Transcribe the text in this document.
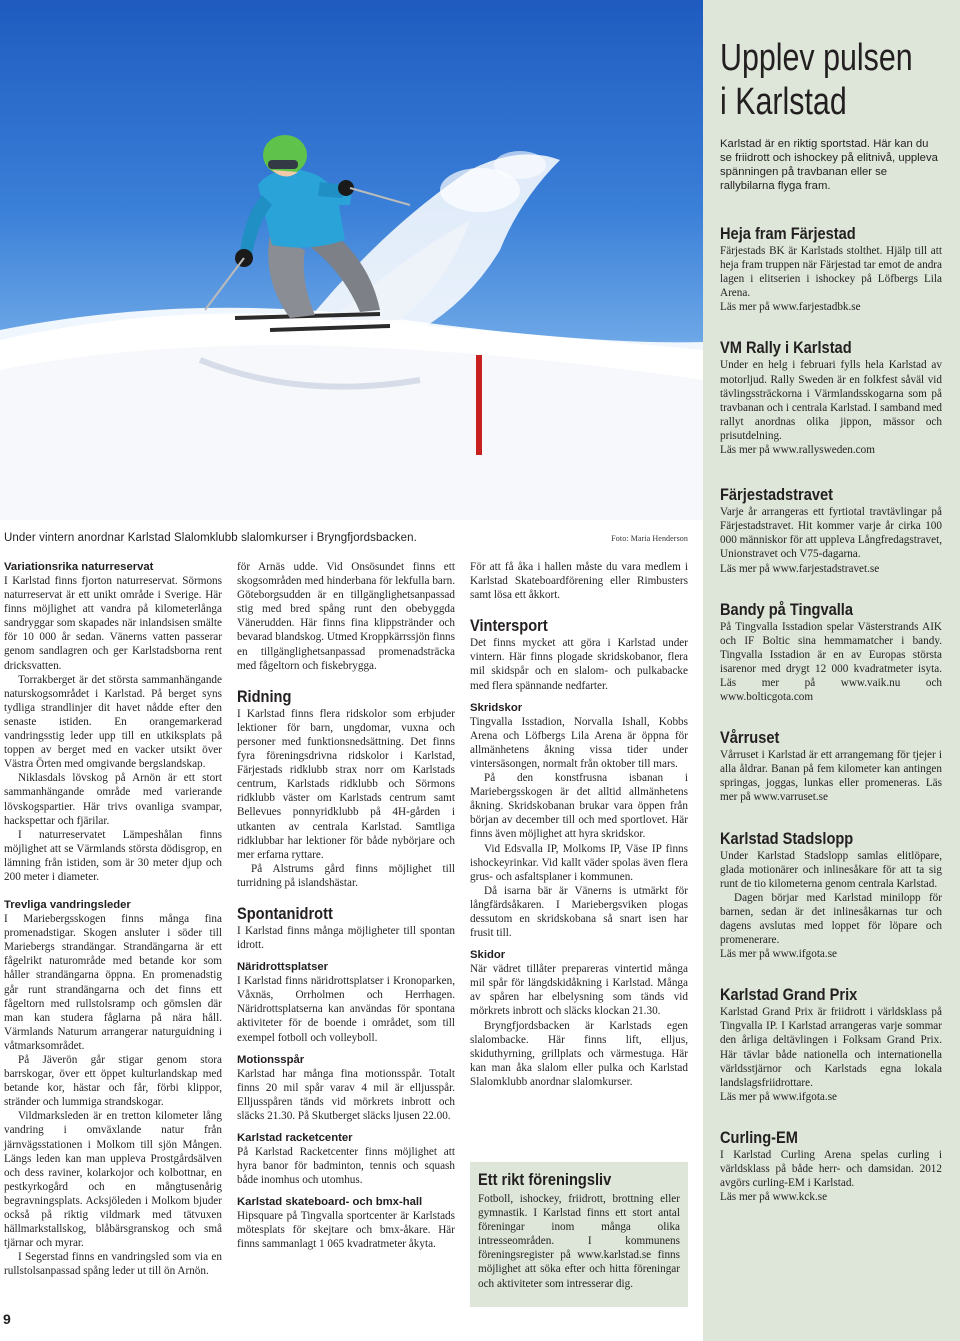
Under vintern anordnar Karlstad Slalomklubb slalomkurser i Bryngfjordsbacken.	Foto: Maria Henderson
Upplev pulsen
i Karlstad
Karlstad är en riktig sportstad. Här kan du se friidrott och ishockey på elitnivå, uppleva spänningen på travbanan eller se rallybilarna flyga fram.
Heja fram Färjestad

Färjestads BK är Karlstads stolthet. Hjälp till att heja fram truppen när Färjestad tar emot de andra lagen i elitserien i ishockey på Löfbergs Lila Arena.

Läs mer på www.farjestadbk.se

VM Rally i Karlstad

Under en helg i februari fylls hela Karlstad av motorljud. Rally Sweden är en folkfest såväl vid tävlingssträckorna i Värmlandsskogarna som på travbanan och i centrala Karlstad. I samband med rallyt anordnas olika jippon, mässor och prisutdelning.

Läs mer på www.rallysweden.com

Färjestadstravet

Varje år arrangeras ett fyrtiotal travtävlingar på Färjestadstravet. Hit kommer varje år cirka 100 000 människor för att uppleva Långfredagstravet, Unionstravet och V75-dagarna.

Läs mer på www.farjestadstravet.se

Bandy på Tingvalla

På Tingvalla Isstadion spelar Västerstrands AIK och IF Boltic sina hemmamatcher i bandy. Tingvalla Isstadion är en av Europas största isarenor med drygt 12 000 kvadratmeter isyta. Läs mer på www.vaik.nu och www.bolticgota.com

Vårruset

Vårruset i Karlstad är ett arrangemang för tjejer i alla åldrar. Banan på fem kilometer kan antingen springas, joggas, lunkas eller promeneras. Läs mer på www.varruset.se

Karlstad Stadslopp

Under Karlstad Stadslopp samlas elitlöpare, glada motionärer och inlinesåkare för att ta sig runt de tio kilometerna genom centrala Karlstad.

Dagen börjar med Karlstad minilopp för barnen, sedan är det inlinesåkarnas tur och dagens avslutas med loppet för löpare och promenerare.

Läs mer på www.ifgota.se

Karlstad Grand Prix

Karlstad Grand Prix är friidrott i världsklass på Tingvalla IP. I Karlstad arrangeras varje sommar den årliga deltävlingen i Folksam Grand Prix. Här tävlar både nationella och internationella världsstjärnor och Karlstads egna lokala landslagsfriidrottare.

Läs mer på www.ifgota.se

Curling-EM

I Karlstad Curling Arena spelas curling i världsklass på både herr- och damsidan. 2012 avgörs curling-EM i Karlstad.

Läs mer på www.kck.se

Variationsrika naturreservat

I Karlstad finns fjorton naturreservat. Sörmons naturreservat är ett unikt område i Sverige. Här finns möjlighet att vandra på kilometerlånga sandryggar som skapades när inlandsisen smälte för 10 000 år sedan. Vänerns vatten passerar genom sandlagren och ger Karlstadsborna rent dricksvatten.

Torrakberget är det största sammanhängande naturskogsområdet i Karlstad. På berget syns tydliga strandlinjer dit havet nådde efter den senaste istiden. En orangemarkerad vandringsstig leder upp till en utkiksplats på toppen av berget med en vacker utsikt över Västra Örten med omgivande bergslandskap.

Niklasdals lövskog på Arnön är ett stort sammanhängande område med varierande lövskogspartier. Här trivs ovanliga svampar, hackspettar och fjärilar.

I naturreservatet Lämpeshålan finns möjlighet att se Värmlands största dödisgrop, en lämning från istiden, som är 30 meter djup och 200 meter i diameter.

Trevliga vandringsleder

I Mariebergsskogen finns många fina promenadstigar. Skogen ansluter i söder till Mariebergs strandängar. Strandängarna är ett fågelrikt naturområde med betande kor som håller strandängarna öppna. En promenadstig går runt strandängarna och det finns ett fågeltorn med rullstolsramp och gömslen där man kan studera fåglarna på nära håll. Värmlands Naturum arrangerar naturguidning i våtmarksområdet.

På Jäverön går stigar genom stora barrskogar, över ett öppet kulturlandskap med betande kor, hästar och får, förbi klippor, stränder och lummiga strandskogar.

Vildmarksleden är en tretton kilometer lång vandring i omväxlande natur från järnvägsstationen i Molkom till sjön Mången. Längs leden kan man uppleva Prostgårdsälven och dess raviner, kolarkojor och kolbottnar, en pestkyrkogård och en mångtusenårig begravningsplats. Acksjöleden i Molkom bjuder också på riktig vildmark med tätvuxen hällmarkstallskog, blåbärsgranskog och små tjärnar och myrar.

I Segerstad finns en vandringsled som via en rullstolsanpassad spång leder ut till ön Arnön.

för Arnäs udde. Vid Onsösundet finns ett skogsområden med hinderbana för lekfulla barn. Göteborgsudden är en tillgänglighetsanpassad stig med bred spång runt den obebyggda Vänerudden. Här finns fina klippstränder och bevarad blandskog. Utmed Kroppkärrssjön finns en tillgänglighetsanpassad promenadsträcka med fågeltorn och fiskebrygga.

Ridning

I Karlstad finns flera ridskolor som erbjuder lektioner för barn, ungdomar, vuxna och personer med funktionsnedsättning. Det finns fyra föreningsdrivna ridskolor i Karlstad, Färjestads ridklubb strax norr om Karlstads centrum, Karlstads ridklubb och Sörmons ridklubb väster om Karlstads centrum samt Bellevues ponnyridklubb på 4H-gården i utkanten av centrala Karlstad. Samtliga ridklubbar har lektioner för både nybörjare och mer erfarna ryttare.

På Alstrums gård finns möjlighet till turridning på islandshästar.

Spontanidrott

I Karlstad finns många möjligheter till spontan idrott.

Näridrottsplatser

I Karlstad finns näridrottsplatser i Kronoparken, Våxnäs, Orrholmen och Herrhagen. Näridrottsplatserna kan användas för spontana aktiviteter för de boende i området, som till exempel fotboll och volleyboll.

Motionsspår

Karlstad har många fina motionsspår. Totalt finns 20 mil spår varav 4 mil är elljusspår. Elljusspåren tänds vid mörkrets inbrott och släcks 21.30. På Skutberget släcks ljusen 22.00.

Karlstad racketcenter

På Karlstad Racketcenter finns möjlighet att hyra banor för badminton, tennis och squash både inomhus och utomhus.

Karlstad skateboard- och bmx-hall

Hipsquare på Tingvalla sportcenter är Karlstads mötesplats för skejtare och bmx-åkare. Här finns sammanlagt 1 065 kvadratmeter åkyta.

För att få åka i hallen måste du vara medlem i Karlstad Skateboardförening eller Rimbusters samt lösa ett åkkort.

Vintersport

Det finns mycket att göra i Karlstad under vintern. Här finns plogade skridskobanor, flera mil skidspår och en slalom- och pulkabacke med flera spännande nedfarter.

Skridskor

Tingvalla Isstadion, Norvalla Ishall, Kobbs Arena och Löfbergs Lila Arena är öppna för allmänhetens åkning vissa tider under vintersäsongen, normalt från oktober till mars.

På den konstfrusna isbanan i Mariebergsskogen är det alltid allmänhetens åkning. Skridskobanan brukar vara öppen från början av december till och med sportlovet. Här finns även möjlighet att hyra skridskor.

Vid Edsvalla IP, Molkoms IP, Väse IP finns ishockeyrinkar. Vid kallt väder spolas även flera grus- och asfaltsplaner i kommunen.

Då isarna bär är Vänerns is utmärkt för långfärdsåkaren. I Mariebergsviken plogas dessutom en skridskobana så snart isen har frusit till.

Skidor

När vädret tillåter prepareras vintertid många mil spår för längdskidåkning i Karlstad. Många av spåren har elbelysning som tänds vid mörkrets inbrott och släcks klockan 21.30.

Bryngfjordsbacken är Karlstads egen slalombacke. Här finns lift, elljus, skiduthyrning, grillplats och värmestuga. Här kan man åka slalom eller pulka och Karlstad Slalomklubb anordnar slalomkurser.

Ett rikt föreningsliv
Fotboll, ishockey, friidrott, brottning eller gymnastik. I Karlstad finns ett stort antal föreningar inom många olika intresseområden. I kommunens föreningsregister på www.karlstad.se finns möjlighet att söka efter och hitta föreningar och aktiviteter som intresserar dig.
9
